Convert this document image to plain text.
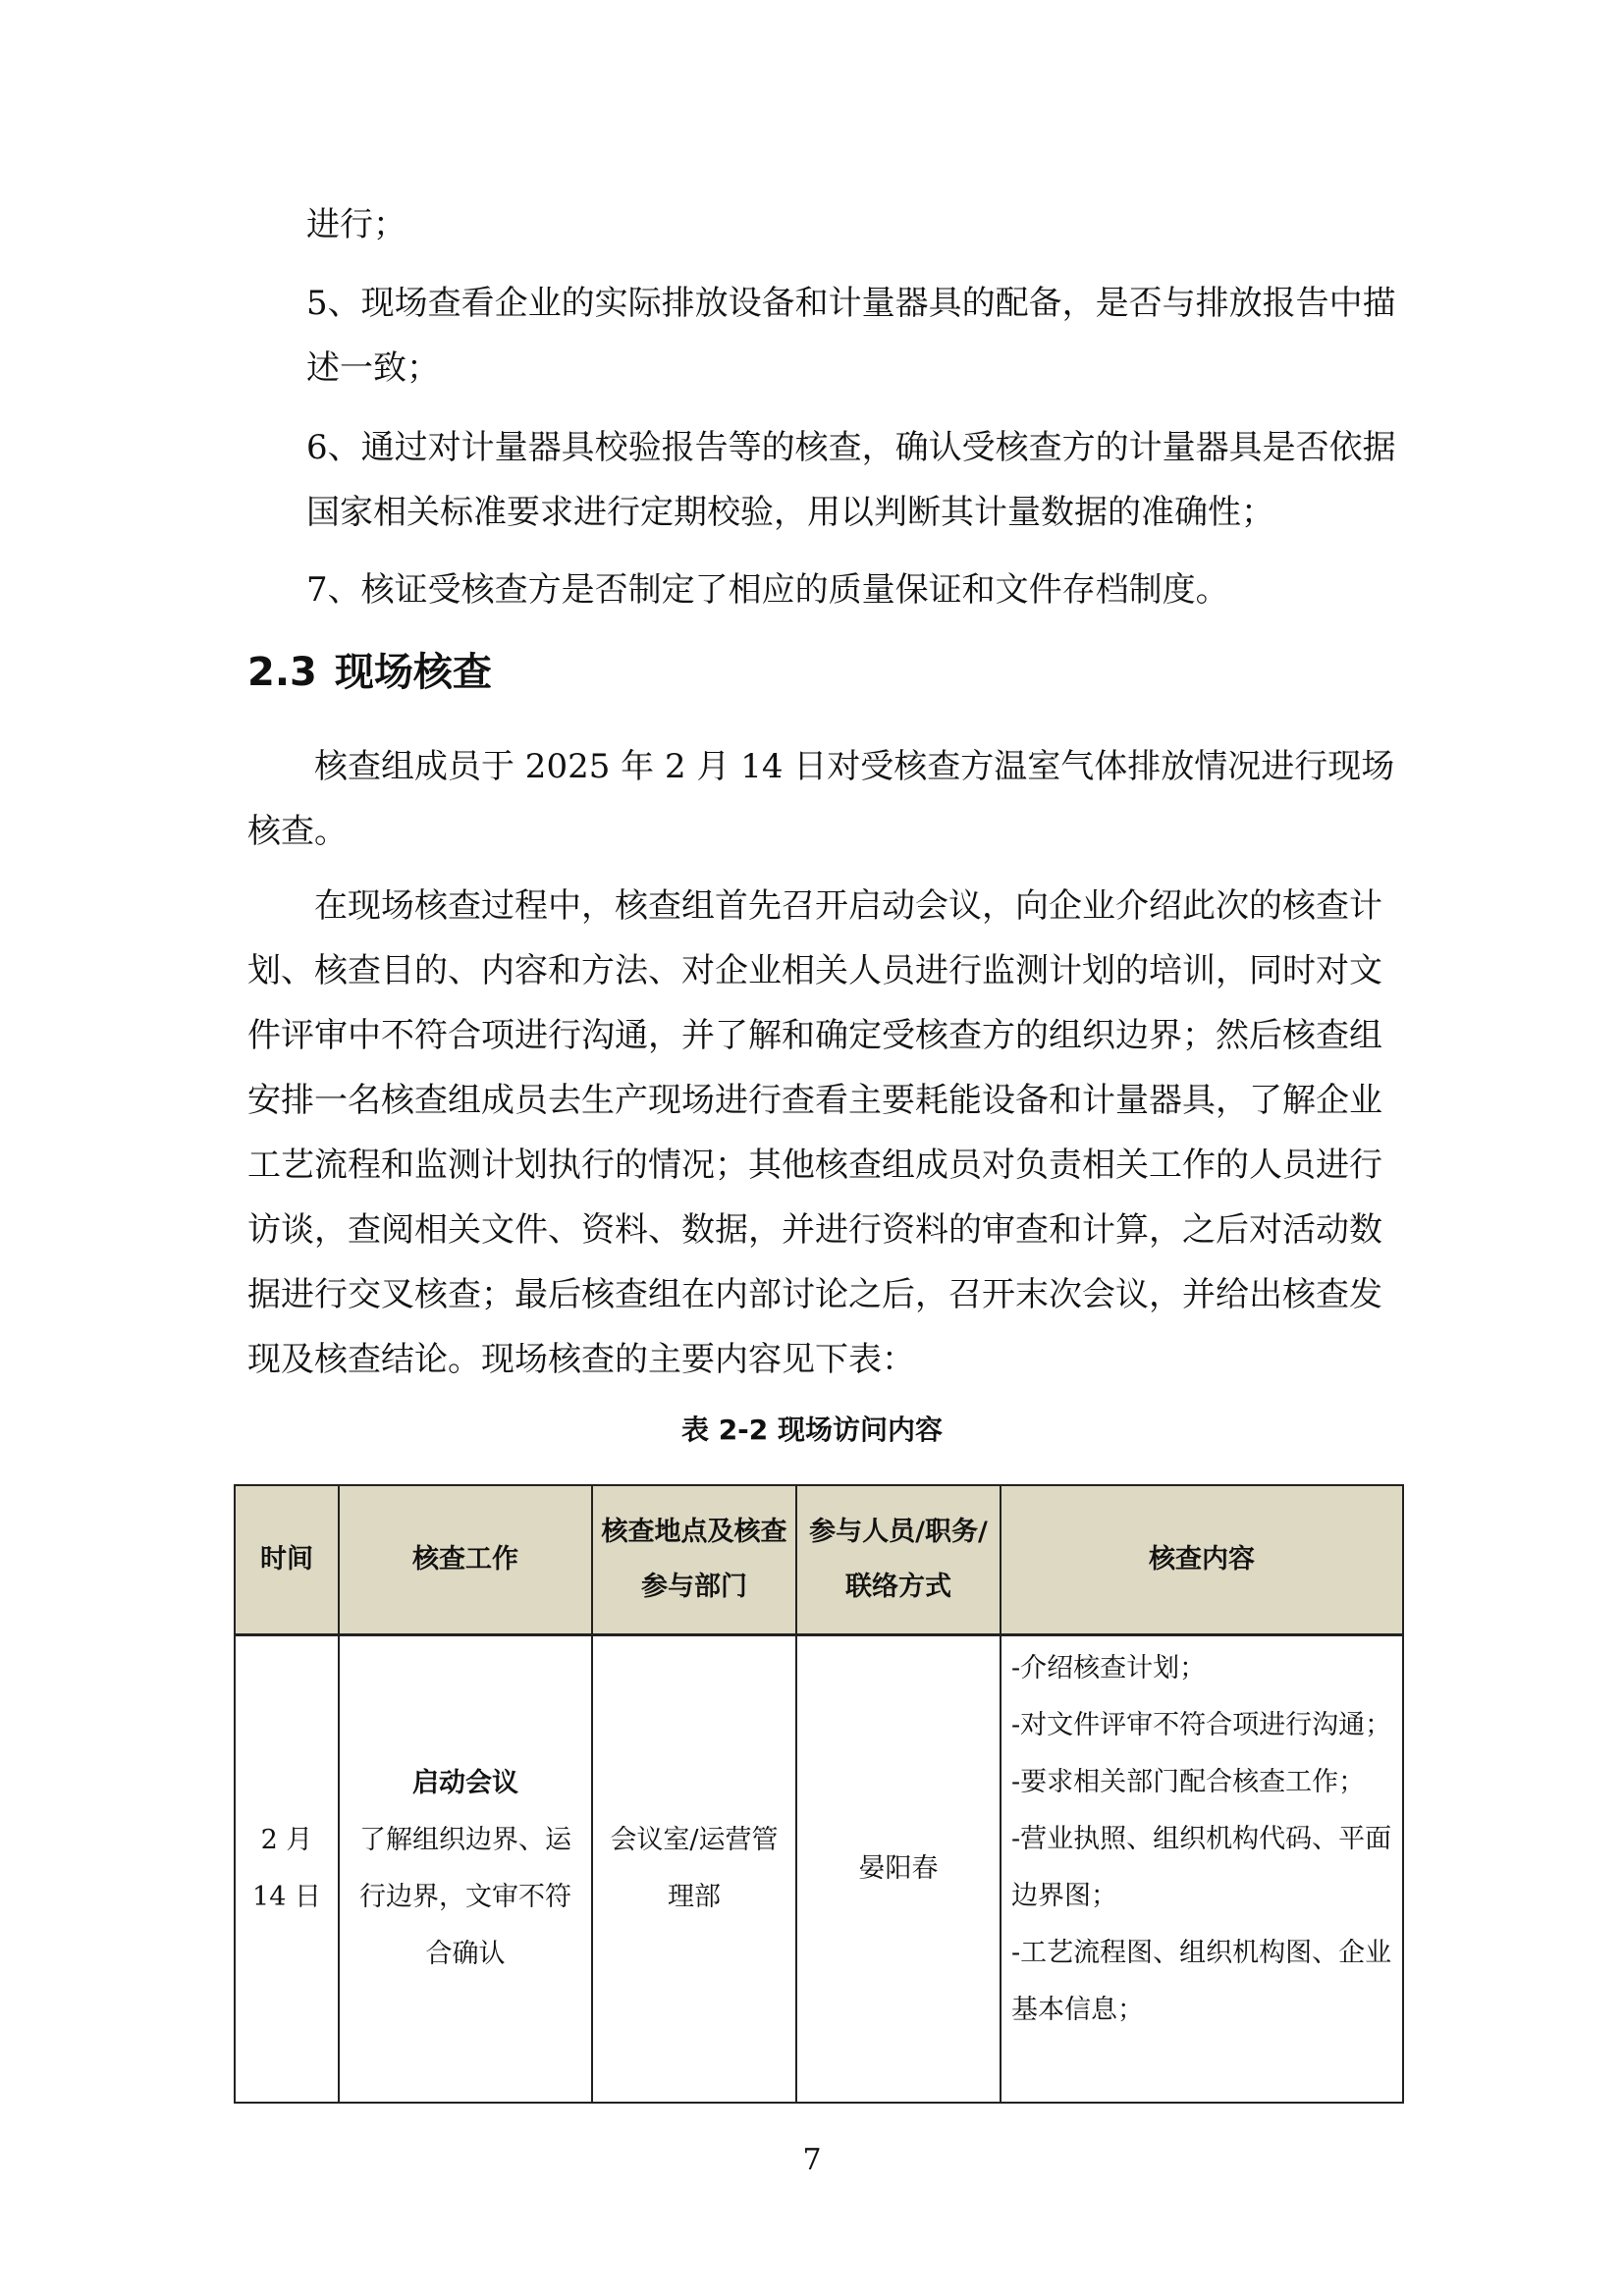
进行；

5、现场查看企业的实际排放设备和计量器具的配备，是否与排放报告中描述一致；

6、通过对计量器具校验报告等的核查，确认受核查方的计量器具是否依据国家相关标准要求进行定期校验，用以判断其计量数据的准确性；

7、核证受核查方是否制定了相应的质量保证和文件存档制度。

2.3 现场核查

核查组成员于 2025 年 2 月 14 日对受核查方温室气体排放情况进行现场核查。

在现场核查过程中，核查组首先召开启动会议，向企业介绍此次的核查计划、核查目的、内容和方法、对企业相关人员进行监测计划的培训，同时对文件评审中不符合项进行沟通，并了解和确定受核查方的组织边界；然后核查组安排一名核查组成员去生产现场进行查看主要耗能设备和计量器具，了解企业工艺流程和监测计划执行的情况；其他核查组成员对负责相关工作的人员进行访谈，查阅相关文件、资料、数据，并进行资料的审查和计算，之后对活动数据进行交叉核查；最后核查组在内部讨论之后，召开末次会议，并给出核查发现及核查结论。现场核查的主要内容见下表：

表 2-2 现场访问内容

时间	核查工作	核查地点及核查参与部门	参与人员/职务/联络方式	核查内容
2 月 14 日	启动会议
了解组织边界、运行边界，文审不符合确认	会议室/运营管理部	晏阳春	-介绍核查计划；
-对文件评审不符合项进行沟通；
-要求相关部门配合核查工作；
-营业执照、组织机构代码、平面边界图；
-工艺流程图、组织机构图、企业基本信息；

7
